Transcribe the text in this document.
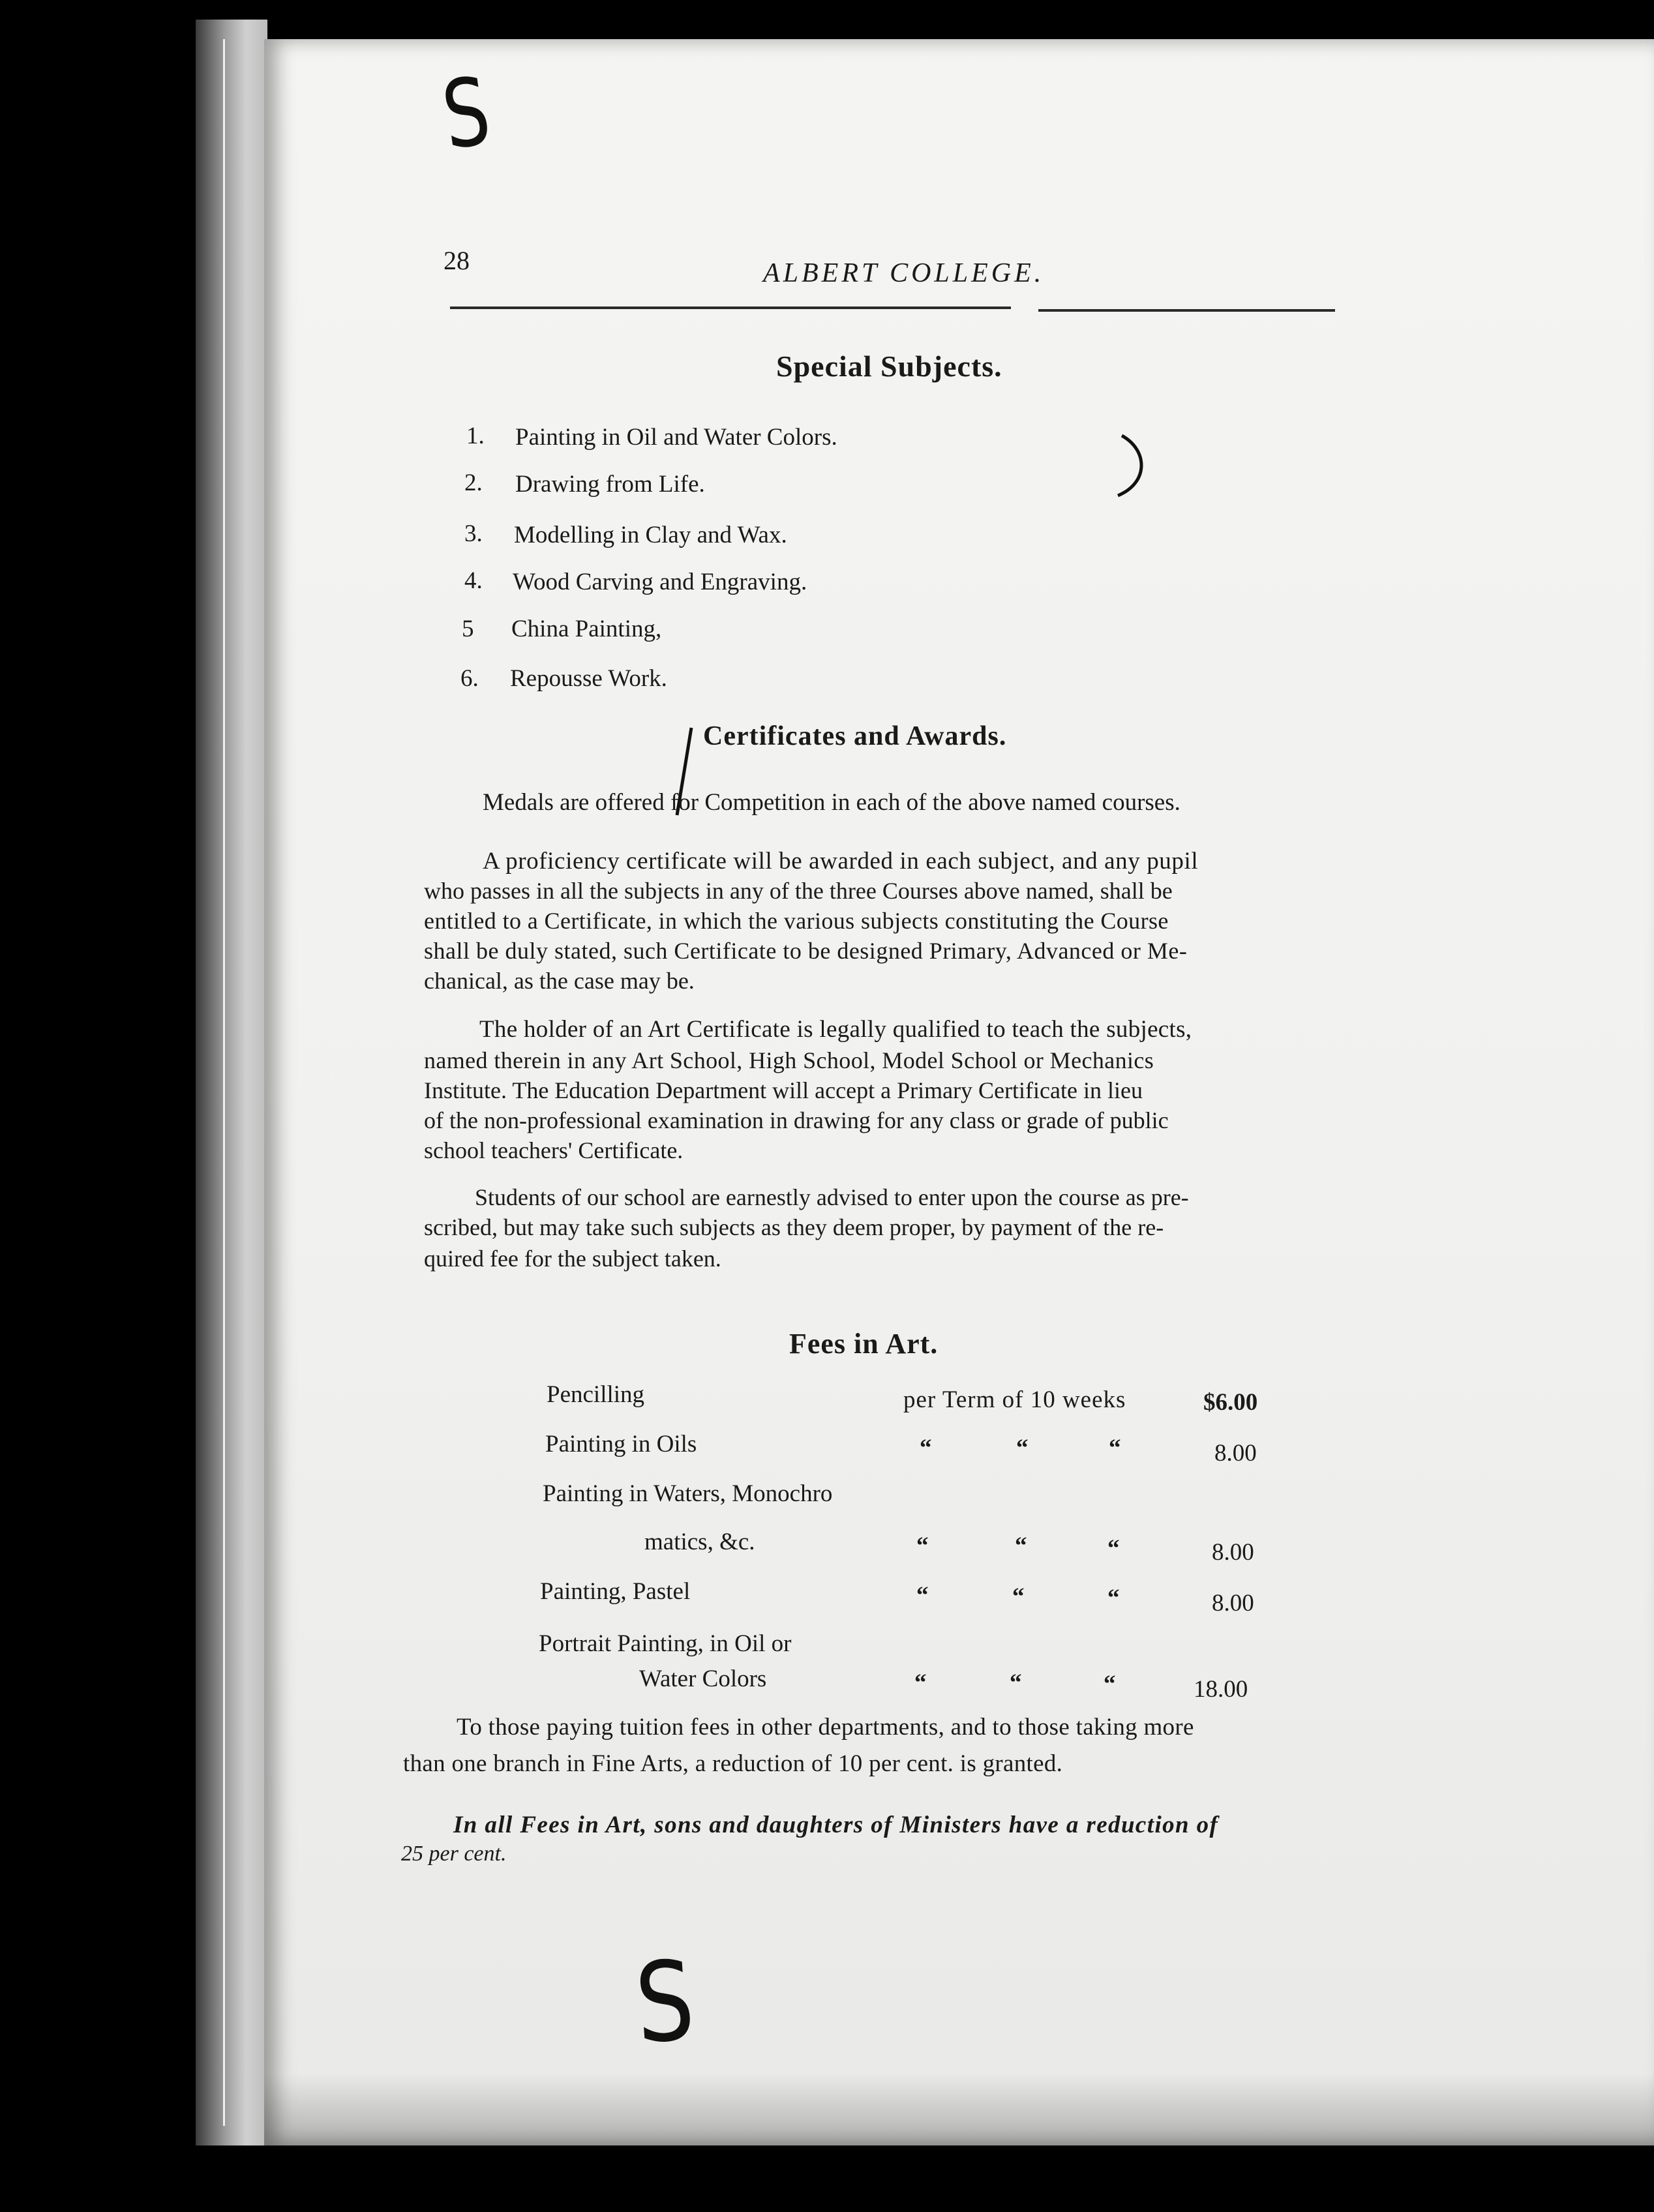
S
S
28	ALBERT COLLEGE.
Special Subjects.
1. Painting in Oil and Water Colors.
2. Drawing from Life.
3. Modelling in Clay and Wax.
4. Wood Carving and Engraving.
5 China Painting,
6. Repousse Work.
Certificates and Awards.
Medals are offered for Competition in each of the above named courses.
A proficiency certificate will be awarded in each subject, and any pupil
who passes in all the subjects in any of the three Courses above named, shall be
entitled to a Certificate, in which the various subjects constituting the Course
shall be duly stated, such Certificate to be designed Primary, Advanced or Me-
chanical, as the case may be.
The holder of an Art Certificate is legally qualified to teach the subjects,
named therein in any Art School, High School, Model School or Mechanics
Institute. The Education Department will accept a Primary Certificate in lieu
of the non-professional examination in drawing for any class or grade of public
school teachers' Certificate.
Students of our school are earnestly advised to enter upon the course as pre-
scribed, but may take such subjects as they deem proper, by payment of the re-
quired fee for the subject taken.
Fees in Art.
Pencilling	per Term of 10 weeks	$6.00
Painting in Oils	“	“	“	8.00
Painting in Waters, Monochro
matics, &c.	“	“	“	8.00
Painting, Pastel	“	“	“	8.00
Portrait Painting, in Oil or
Water Colors	“	“	“	18.00
To those paying tuition fees in other departments, and to those taking more
than one branch in Fine Arts, a reduction of 10 per cent. is granted.
In all Fees in Art, sons and daughters of Ministers have a reduction of
25 per cent.
